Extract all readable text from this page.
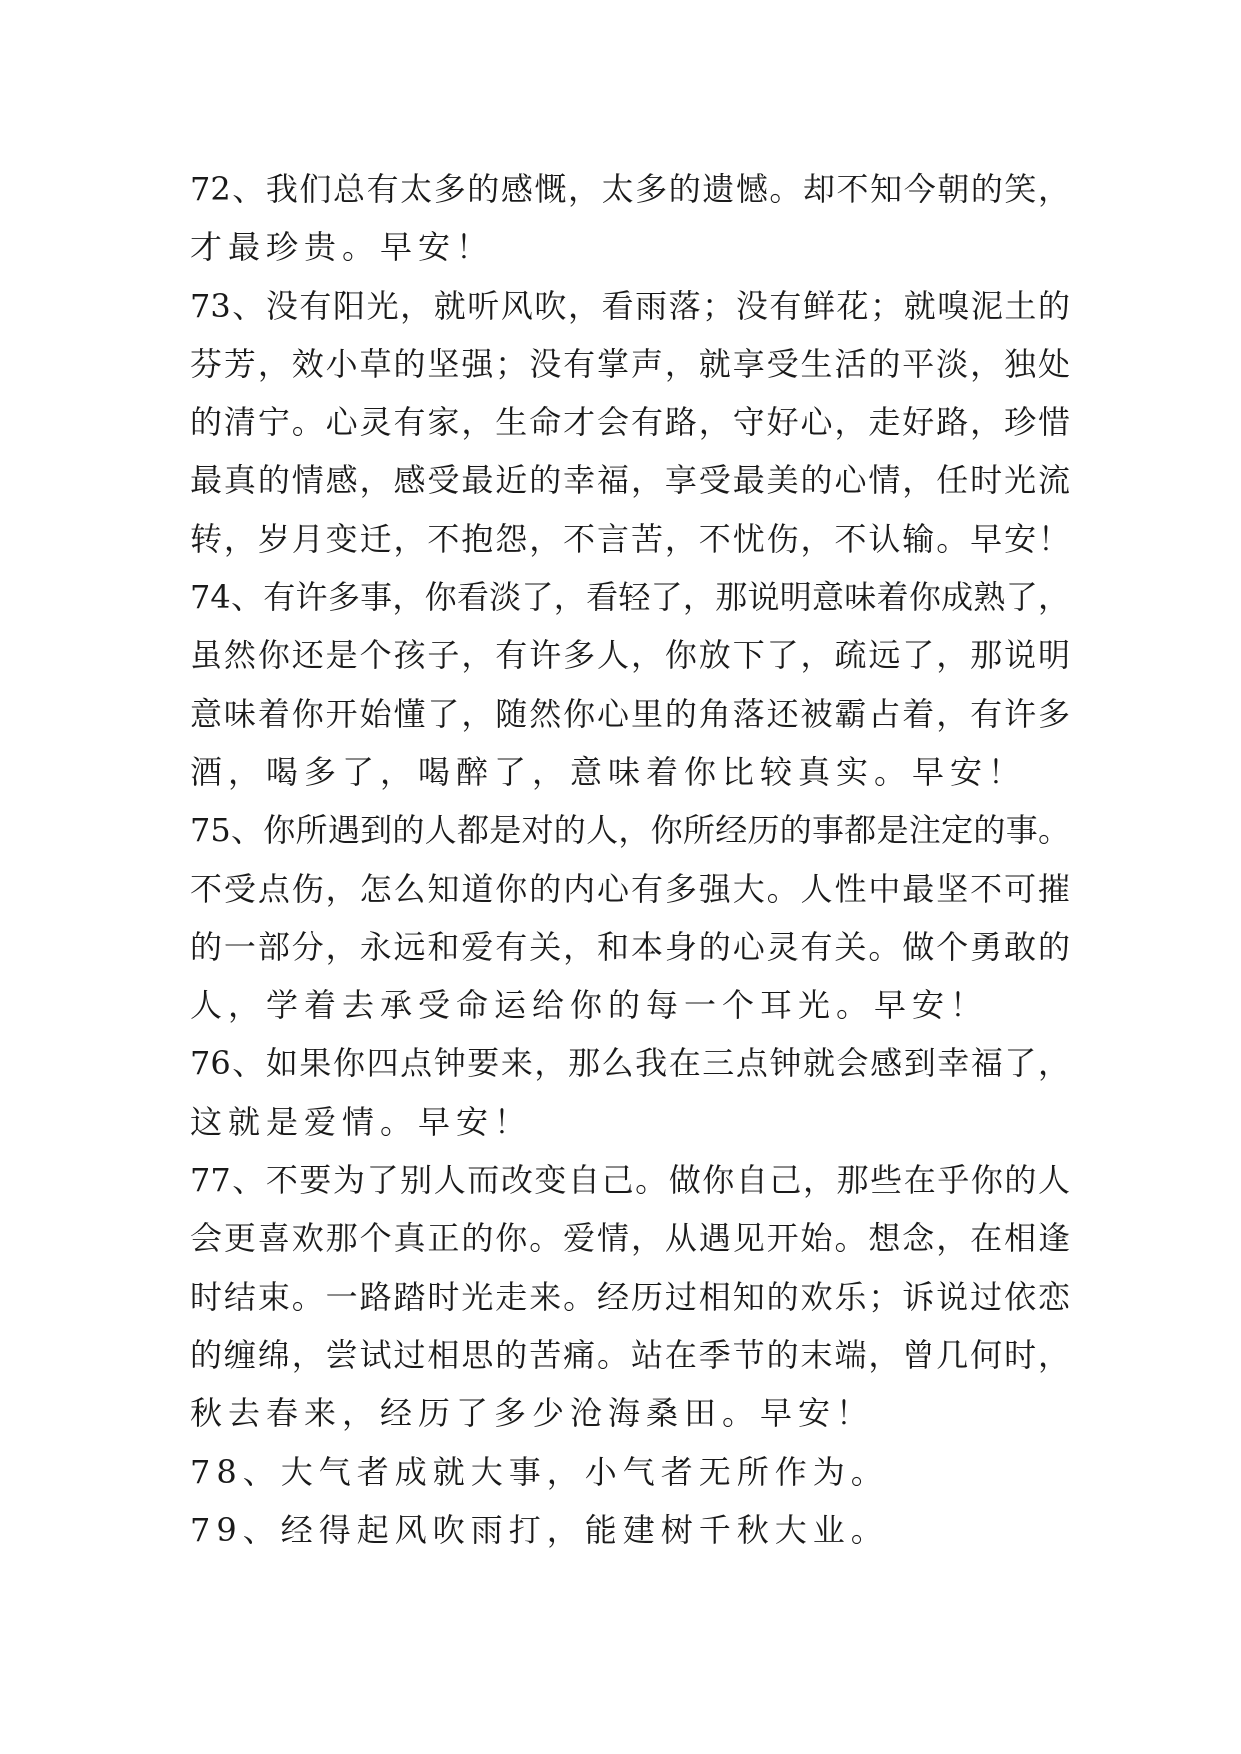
72、我们总有太多的感慨，太多的遗憾。却不知今朝的笑，
才最珍贵。早安！
73、没有阳光，就听风吹，看雨落；没有鲜花；就嗅泥土的
芬芳，效小草的坚强；没有掌声，就享受生活的平淡，独处
的清宁。心灵有家，生命才会有路，守好心，走好路，珍惜
最真的情感，感受最近的幸福，享受最美的心情，任时光流
转，岁月变迁，不抱怨，不言苦，不忧伤，不认输。早安！
74、有许多事，你看淡了，看轻了，那说明意味着你成熟了，
虽然你还是个孩子，有许多人，你放下了，疏远了，那说明
意味着你开始懂了，随然你心里的角落还被霸占着，有许多
酒，喝多了，喝醉了，意味着你比较真实。早安！
75、你所遇到的人都是对的人，你所经历的事都是注定的事。
不受点伤，怎么知道你的内心有多强大。人性中最坚不可摧
的一部分，永远和爱有关，和本身的心灵有关。做个勇敢的
人，学着去承受命运给你的每一个耳光。早安！
76、如果你四点钟要来，那么我在三点钟就会感到幸福了，
这就是爱情。早安！
77、不要为了别人而改变自己。做你自己，那些在乎你的人
会更喜欢那个真正的你。爱情，从遇见开始。想念，在相逢
时结束。一路踏时光走来。经历过相知的欢乐；诉说过依恋
的缠绵，尝试过相思的苦痛。站在季节的末端，曾几何时，
秋去春来，经历了多少沧海桑田。早安！
78、大气者成就大事，小气者无所作为。
79、经得起风吹雨打，能建树千秋大业。
